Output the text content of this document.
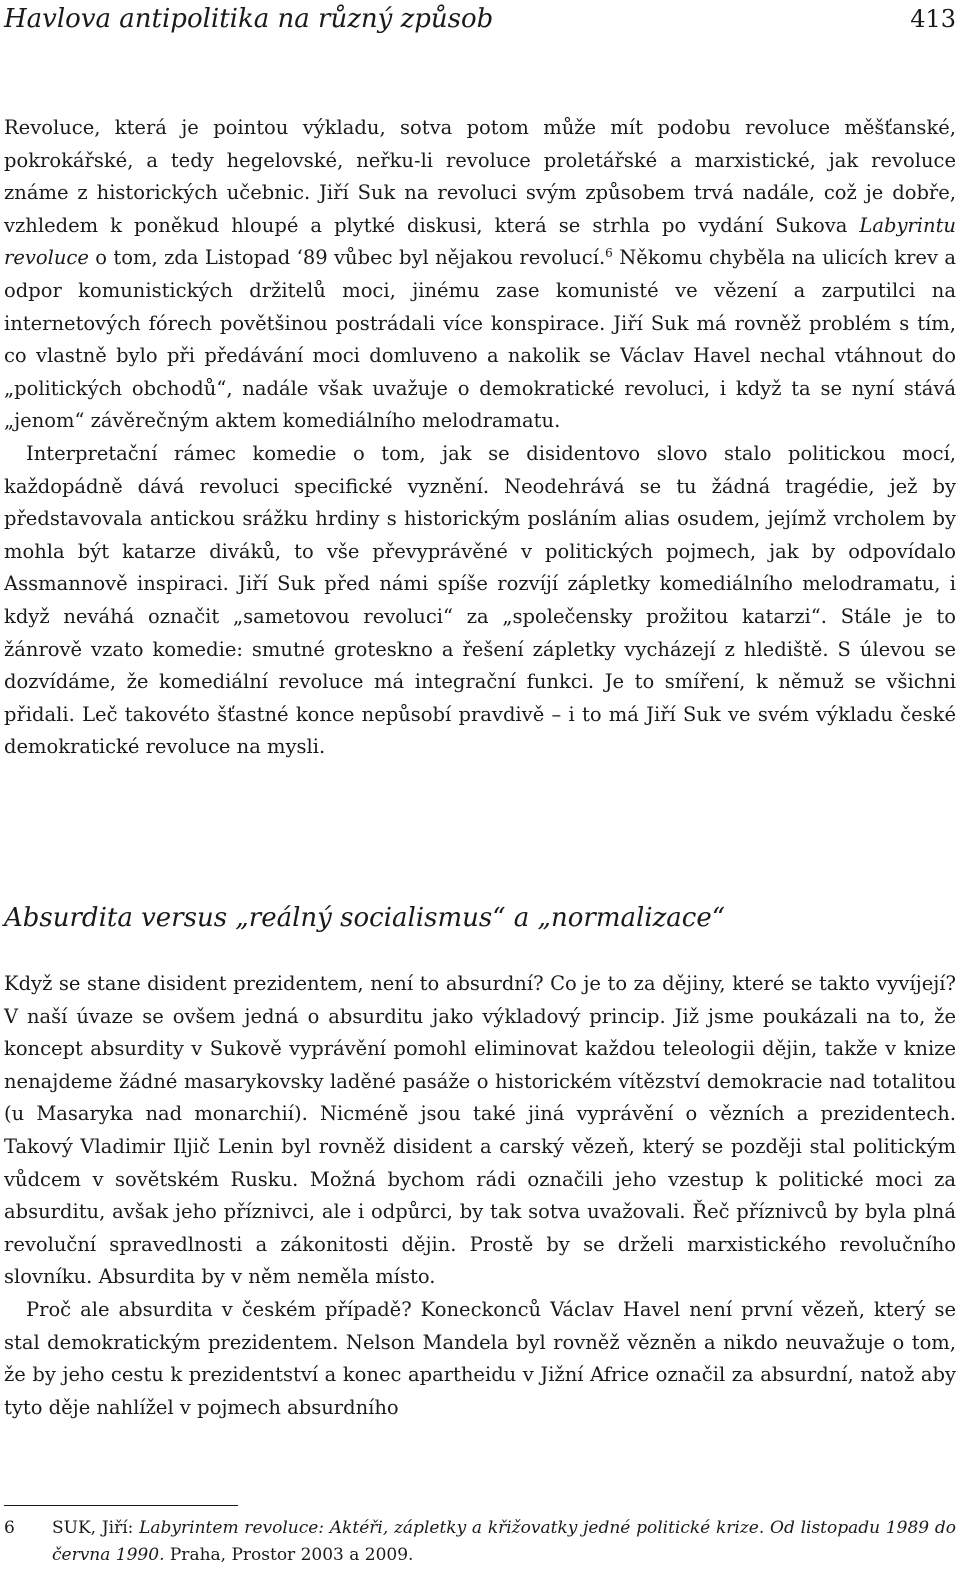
Havlova antipolitika na různý způsob	413

Revoluce, která je pointou výkladu, sotva potom může mít podobu revoluce měšťanské, pokrokářské, a tedy hegelovské, neřku-li revoluce proletářské a marxistické, jak revoluce známe z historických učebnic. Jiří Suk na revoluci svým způsobem trvá nadále, což je dobře, vzhledem k poněkud hloupé a plytké diskusi, která se strhla po vydání Sukova Labyrintu revoluce o tom, zda Listopad ‘89 vůbec byl nějakou revolucí.$^6$ Někomu chyběla na ulicích krev a odpor komunistických držitelů moci, jinému zase komunisté ve vězení a zarputilci na internetových fórech povětšinou postrádali více konspirace. Jiří Suk má rovněž problém s tím, co vlastně bylo při předávání moci domluveno a nakolik se Václav Havel nechal vtáhnout do „politických obchodů“, nadále však uvažuje o demokratické revoluci, i když ta se nyní stává „jenom“ závěrečným aktem komediálního melodramatu.

Interpretační rámec komedie o tom, jak se disidentovo slovo stalo politickou mocí, každopádně dává revoluci specifické vyznění. Neodehrává se tu žádná tragédie, jež by představovala antickou srážku hrdiny s historickým posláním alias osudem, jejímž vrcholem by mohla být katarze diváků, to vše převyprávěné v politických pojmech, jak by odpovídalo Assmannově inspiraci. Jiří Suk před námi spíše rozvíjí zápletky komediálního melodramatu, i když neváhá označit „sametovou revoluci“ za „společensky prožitou katarzi“. Stále je to žánrově vzato komedie: smutné groteskno a řešení zápletky vycházejí z hlediště. S úlevou se dozvídáme, že komediální revoluce má integrační funkci. Je to smíření, k němuž se všichni přidali. Leč takovéto šťastné konce nepůsobí pravdivě – i to má Jiří Suk ve svém výkladu české demokratické revoluce na mysli.

Absurdita versus „reálný socialismus“ a „normalizace“

Když se stane disident prezidentem, není to absurdní? Co je to za dějiny, které se takto vyvíjejí? V naší úvaze se ovšem jedná o absurditu jako výkladový princip. Již jsme poukázali na to, že koncept absurdity v Sukově vyprávění pomohl eliminovat každou teleologii dějin, takže v knize nenajdeme žádné masarykovsky laděné pasáže o historickém vítězství demokracie nad totalitou (u Masaryka nad monarchií). Nicméně jsou také jiná vyprávění o vězních a prezidentech. Takový Vladimir Iljič Lenin byl rovněž disident a carský vězeň, který se později stal politickým vůdcem v sovětském Rusku. Možná bychom rádi označili jeho vzestup k politické moci za absurditu, avšak jeho příznivci, ale i odpůrci, by tak sotva uvažovali. Řeč příznivců by byla plná revoluční spravedlnosti a zákonitosti dějin. Prostě by se drželi marxistického revolučního slovníku. Absurdita by v něm neměla místo.

Proč ale absurdita v českém případě? Koneckonců Václav Havel není první vězeň, který se stal demokratickým prezidentem. Nelson Mandela byl rovněž vězněn a nikdo neuvažuje o tom, že by jeho cestu k prezidentství a konec apartheidu v Jižní Africe označil za absurdní, natož aby tyto děje nahlížel v pojmech absurdního

6 SUK, Jiří: Labyrintem revoluce: Aktéři, zápletky a křižovatky jedné politické krize. Od listopadu 1989 do června 1990. Praha, Prostor 2003 a 2009.
